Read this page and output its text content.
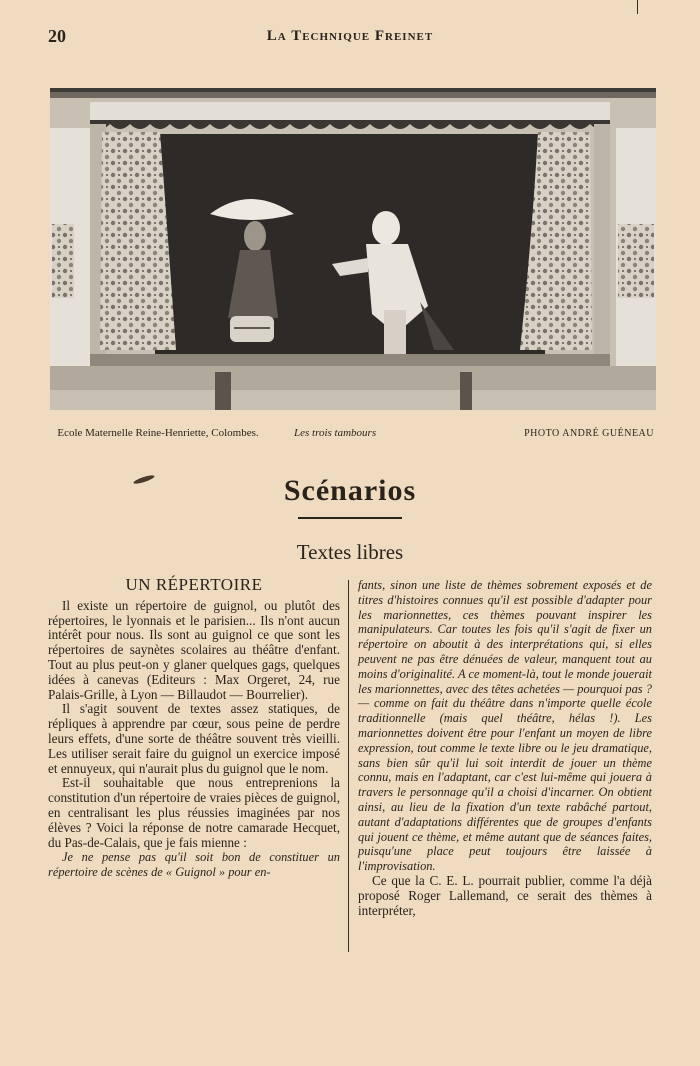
20	La Technique Freinet
Ecole Maternelle Reine-Henriette, Colombes.	Les trois tambours	PHOTO ANDRÉ GUÉNEAU
Scénarios
Textes libres
UN RÉPERTOIRE

Il existe un répertoire de guignol, ou plutôt des répertoires, le lyonnais et le parisien... Ils n'ont aucun intérêt pour nous. Ils sont au guignol ce que sont les répertoires de saynètes scolaires au théâtre d'enfant. Tout au plus peut-on y glaner quelques gags, quelques idées à canevas (Editeurs : Max Orgeret, 24, rue Palais-Grille, à Lyon — Billaudot — Bourrelier).

Il s'agit souvent de textes assez statiques, de répliques à apprendre par cœur, sous peine de perdre leurs effets, d'une sorte de théâtre souvent très vieilli. Les utiliser serait faire du guignol un exercice imposé et ennuyeux, qui n'aurait plus du guignol que le nom.

Est-il souhaitable que nous entreprenions la constitution d'un répertoire de vraies pièces de guignol, en centralisant les plus réussies imaginées par nos élèves ? Voici la réponse de notre camarade Hecquet, du Pas-de-Calais, que je fais mienne :

Je ne pense pas qu'il soit bon de constituer un répertoire de scènes de « Guignol » pour en-

fants, sinon une liste de thèmes sobrement exposés et de titres d'histoires connues qu'il est possible d'adapter pour les marionnettes, ces thèmes pouvant inspirer les manipulateurs. Car toutes les fois qu'il s'agit de fixer un répertoire on aboutit à des interprétations qui, si elles peuvent ne pas être dénuées de valeur, manquent tout au moins d'originalité. A ce moment-là, tout le monde jouerait les marionnettes, avec des têtes achetées — pourquoi pas ? — comme on fait du théâtre dans n'importe quelle école traditionnelle (mais quel théâtre, hélas !). Les marionnettes doivent être pour l'enfant un moyen de libre expression, tout comme le texte libre ou le jeu dramatique, sans bien sûr qu'il lui soit interdit de jouer un thème connu, mais en l'adaptant, car c'est lui-même qui jouera à travers le personnage qu'il a choisi d'incarner. On obtient ainsi, au lieu de la fixation d'un texte rabâché partout, autant d'adaptations différentes que de groupes d'enfants qui jouent ce thème, et même autant que de séances faites, puisqu'une place peut toujours être laissée à l'improvisation.

Ce que la C. E. L. pourrait publier, comme l'a déjà proposé Roger Lallemand, ce serait des thèmes à interpréter,
